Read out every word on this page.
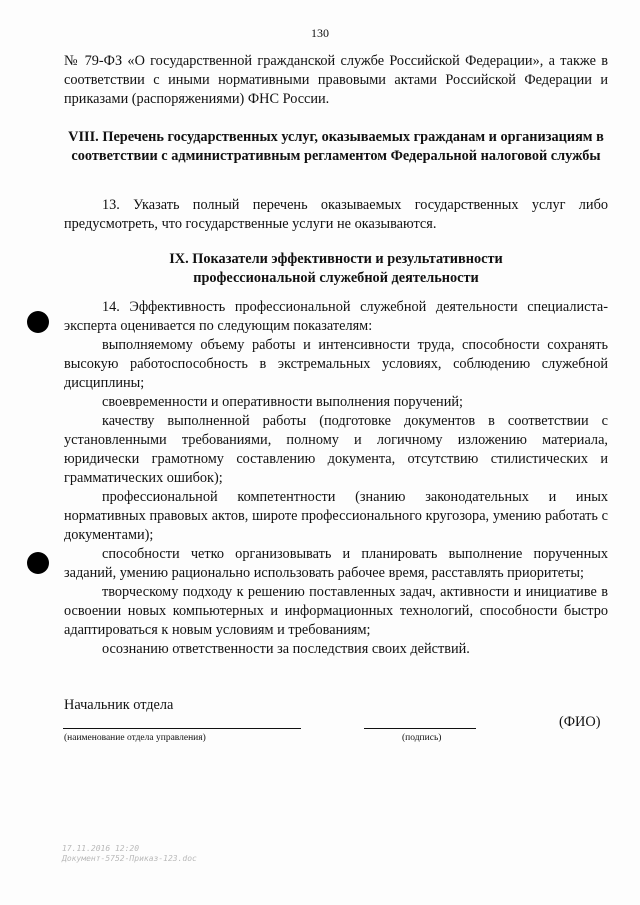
130
№ 79-ФЗ «О государственной гражданской службе Российской Федерации», а также в соответствии с иными нормативными правовыми актами Российской Федерации и приказами (распоряжениями) ФНС России.
VIII. Перечень государственных услуг, оказываемых гражданам и организациям в соответствии с административным регламентом Федеральной налоговой службы
13. Указать полный перечень оказываемых государственных услуг либо предусмотреть, что государственные услуги не оказываются.
IX. Показатели эффективности и результативности профессиональной служебной деятельности
14. Эффективность профессиональной служебной деятельности специалиста-эксперта оценивается по следующим показателям:
выполняемому объему работы и интенсивности труда, способности сохранять высокую работоспособность в экстремальных условиях, соблюдению служебной дисциплины;
своевременности и оперативности выполнения поручений;
качеству выполненной работы (подготовке документов в соответствии с установленными требованиями, полному и логичному изложению материала, юридически грамотному составлению документа, отсутствию стилистических и грамматических ошибок);
профессиональной компетентности (знанию законодательных и иных нормативных правовых актов, широте профессионального кругозора, умению работать с документами);
способности четко организовывать и планировать выполнение порученных заданий, умению рационально использовать рабочее время, расставлять приоритеты;
творческому подходу к решению поставленных задач, активности и инициативе в освоении новых компьютерных и информационных технологий, способности быстро адаптироваться к новым условиям и требованиям;
осознанию ответственности за последствия своих действий.
Начальник отдела
(наименование отдела управления)	(подпись)
(ФИО)
17.11.2016 12:20
Документ-5752-Приказ-123.doc
